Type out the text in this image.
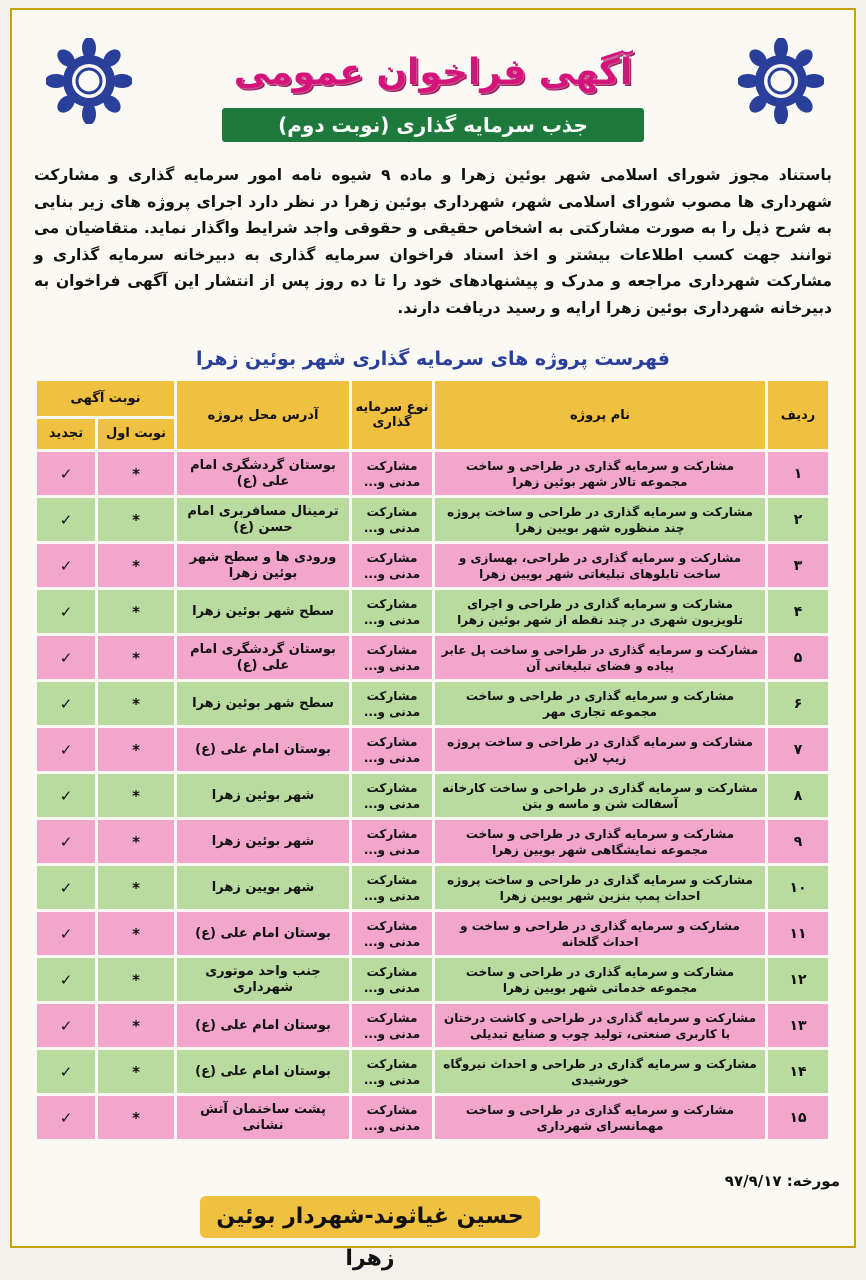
آگهی فراخوان عمومی
جذب سرمایه گذاری (نوبت دوم)
باستناد مجوز شورای اسلامی شهر بوئین زهرا و ماده ۹ شیوه نامه امور سرمایه گذاری و مشارکت شهرداری ها مصوب شورای اسلامی شهر، شهرداری بوئین زهرا در نظر دارد اجرای پروژه های زیر بنایی به شرح ذیل را به صورت مشارکتی به اشخاص حقیقی و حقوقی واجد شرایط واگذار نماید. متقاضیان می توانند جهت کسب اطلاعات بیشتر و اخذ اسناد فراخوان سرمایه گذاری به دبیرخانه سرمایه گذاری و مشارکت شهرداری مراجعه و مدرک و پیشنهادهای خود را تا ده روز پس از انتشار این آگهی فراخوان به دبیرخانه شهرداری بوئین زهرا ارایه و رسید دریافت دارند.
فهرست پروژه های سرمایه گذاری شهر بوئین زهرا
ردیف	نام پروژه	نوع سرمایه گذاری	آدرس محل پروژه	نوبت آگهی	
				نوبت اول	تجدید
۱	مشارکت و سرمایه گذاری در طراحی و ساخت مجموعه تالار شهر بوئین زهرا	مشارکت مدنی و...	بوستان گردشگری امام علی (ع)	*	✓
۲	مشارکت و سرمایه گذاری در طراحی و ساخت پروژه چند منظوره شهر بویین زهرا	مشارکت مدنی و...	ترمینال مسافربری امام حسن (ع)	*	✓
۳	مشارکت و سرمایه گذاری در طراحی، بهسازی و ساخت تابلوهای تبلیغاتی شهر بویین زهرا	مشارکت مدنی و...	ورودی ها و سطح شهر بوئین زهرا	*	✓
۴	مشارکت و سرمایه گذاری در طراحی و اجرای تلویزیون شهری در چند نقطه از شهر بوئین زهرا	مشارکت مدنی و...	سطح شهر بوئین زهرا	*	✓
۵	مشارکت و سرمایه گذاری در طراحی و ساخت پل عابر پیاده و فضای تبلیغاتی آن	مشارکت مدنی و...	بوستان گردشگری امام علی (ع)	*	✓
۶	مشارکت و سرمایه گذاری در طراحی و ساخت مجموعه تجاری مهر	مشارکت مدنی و...	سطح شهر بوئین زهرا	*	✓
۷	مشارکت و سرمایه گذاری در طراحی و ساخت پروژه زیپ لاین	مشارکت مدنی و...	بوستان امام علی (ع)	*	✓
۸	مشارکت و سرمایه گذاری در طراحی و ساخت کارخانه آسفالت شن و ماسه و بتن	مشارکت مدنی و...	شهر بوئین زهرا	*	✓
۹	مشارکت و سرمایه گذاری در طراحی و ساخت مجموعه نمایشگاهی شهر بویین زهرا	مشارکت مدنی و...	شهر بوئین زهرا	*	✓
۱۰	مشارکت و سرمایه گذاری در طراحی و ساخت پروژه احداث پمپ بنزین شهر بویین زهرا	مشارکت مدنی و...	شهر بویین زهرا	*	✓
۱۱	مشارکت و سرمایه گذاری در طراحی و ساخت و احداث گلخانه	مشارکت مدنی و...	بوستان امام علی (ع)	*	✓
۱۲	مشارکت و سرمایه گذاری در طراحی و ساخت مجموعه خدماتی شهر بویین زهرا	مشارکت مدنی و...	جنب واحد موتوری شهرداری	*	✓
۱۳	مشارکت و سرمایه گذاری در طراحی و کاشت درختان با کاربری صنعتی، تولید چوب و صنایع تبدیلی	مشارکت مدنی و...	بوستان امام علی (ع)	*	✓
۱۴	مشارکت و سرمایه گذاری در طراحی و احداث نیروگاه خورشیدی	مشارکت مدنی و...	بوستان امام علی (ع)	*	✓
۱۵	مشارکت و سرمایه گذاری در طراحی و ساخت مهمانسرای شهرداری	مشارکت مدنی و...	پشت ساختمان آتش نشانی	*	✓
مورخه: ۹۷/۹/۱۷
حسین غیاثوند-شهردار بوئین زهرا
